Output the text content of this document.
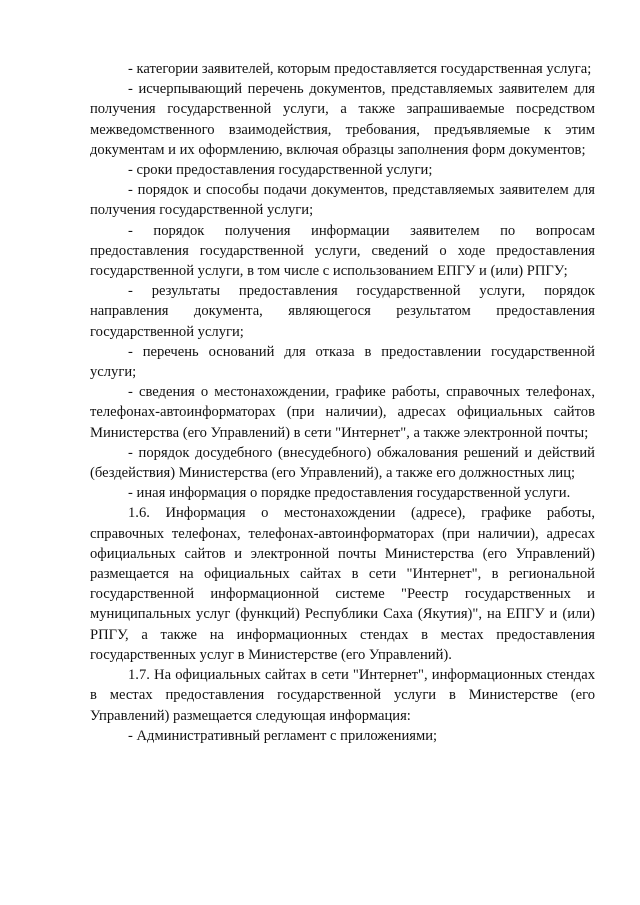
- категории заявителей, которым предоставляется государственная услуга;

- исчерпывающий перечень документов, представляемых заявителем для получения государственной услуги, а также запрашиваемые посредством межведомственного взаимодействия, требования, предъявляемые к этим документам и их оформлению, включая образцы заполнения форм документов;

- сроки предоставления государственной услуги;

- порядок и способы подачи документов, представляемых заявителем для получения государственной услуги;

- порядок получения информации заявителем по вопросам предоставления государственной услуги, сведений о ходе предоставления государственной услуги, в том числе с использованием ЕПГУ и (или) РПГУ;

- результаты предоставления государственной услуги, порядок направления документа, являющегося результатом предоставления государственной услуги;

- перечень оснований для отказа в предоставлении государственной услуги;

- сведения о местонахождении, графике работы, справочных телефонах, телефонах-автоинформаторах (при наличии), адресах официальных сайтов Министерства (его Управлений) в сети "Интернет", а также электронной почты;

- порядок досудебного (внесудебного) обжалования решений и действий (бездействия) Министерства (его Управлений), а также его должностных лиц;

- иная информация о порядке предоставления государственной услуги.

1.6. Информация о местонахождении (адресе), графике работы, справочных телефонах, телефонах-автоинформаторах (при наличии), адресах официальных сайтов и электронной почты Министерства (его Управлений) размещается на официальных сайтах в сети "Интернет", в региональной государственной информационной системе "Реестр государственных и муниципальных услуг (функций) Республики Саха (Якутия)", на ЕПГУ и (или) РПГУ, а также на информационных стендах в местах предоставления государственных услуг в Министерстве (его Управлений).

1.7. На официальных сайтах в сети "Интернет", информационных стендах в местах предоставления государственной услуги в Министерстве (его Управлений) размещается следующая информация:

- Административный регламент с приложениями;
